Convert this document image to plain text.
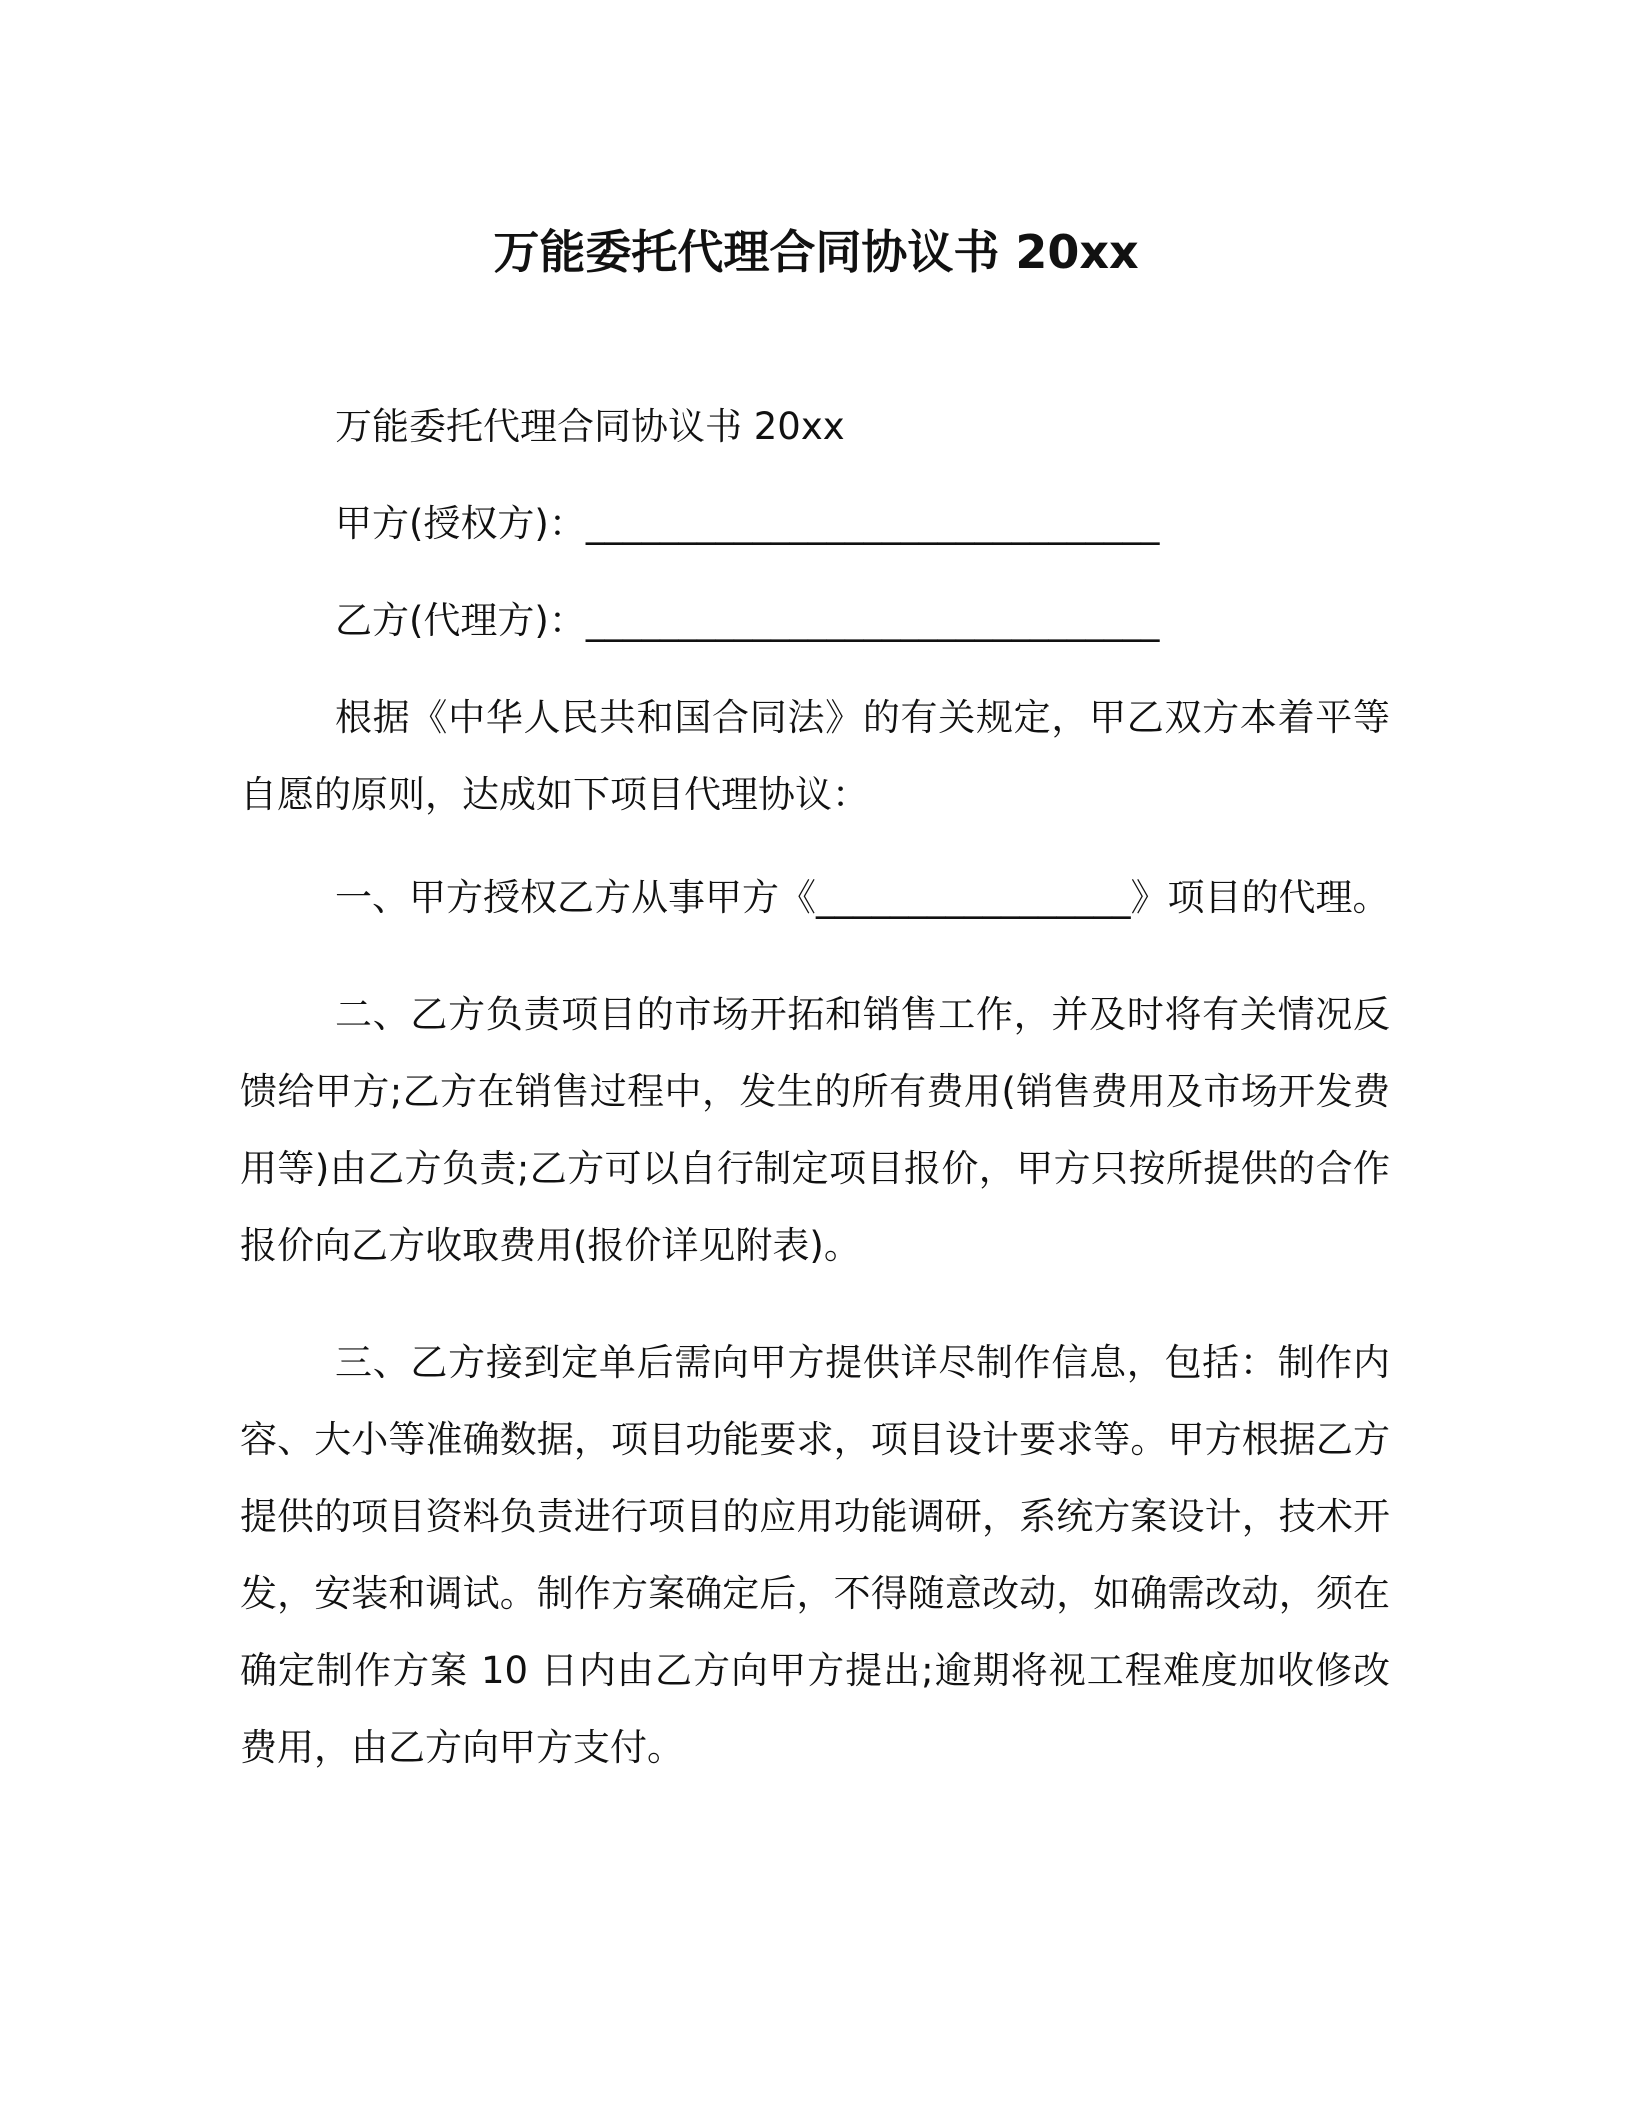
万能委托代理合同协议书 20xx

万能委托代理合同协议书 20xx

甲方(授权方)：_______________________________

乙方(代理方)：_______________________________

根据《中华人民共和国合同法》的有关规定，甲乙双方本着平等自愿的原则，达成如下项目代理协议：

一、甲方授权乙方从事甲方《_________________》项目的代理。

二、乙方负责项目的市场开拓和销售工作，并及时将有关情况反馈给甲方;乙方在销售过程中，发生的所有费用(销售费用及市场开发费用等)由乙方负责;乙方可以自行制定项目报价，甲方只按所提供的合作报价向乙方收取费用(报价详见附表)。

三、乙方接到定单后需向甲方提供详尽制作信息，包括：制作内容、大小等准确数据，项目功能要求，项目设计要求等。甲方根据乙方提供的项目资料负责进行项目的应用功能调研，系统方案设计，技术开发，安装和调试。制作方案确定后，不得随意改动，如确需改动，须在确定制作方案 10 日内由乙方向甲方提出;逾期将视工程难度加收修改费用，由乙方向甲方支付。
